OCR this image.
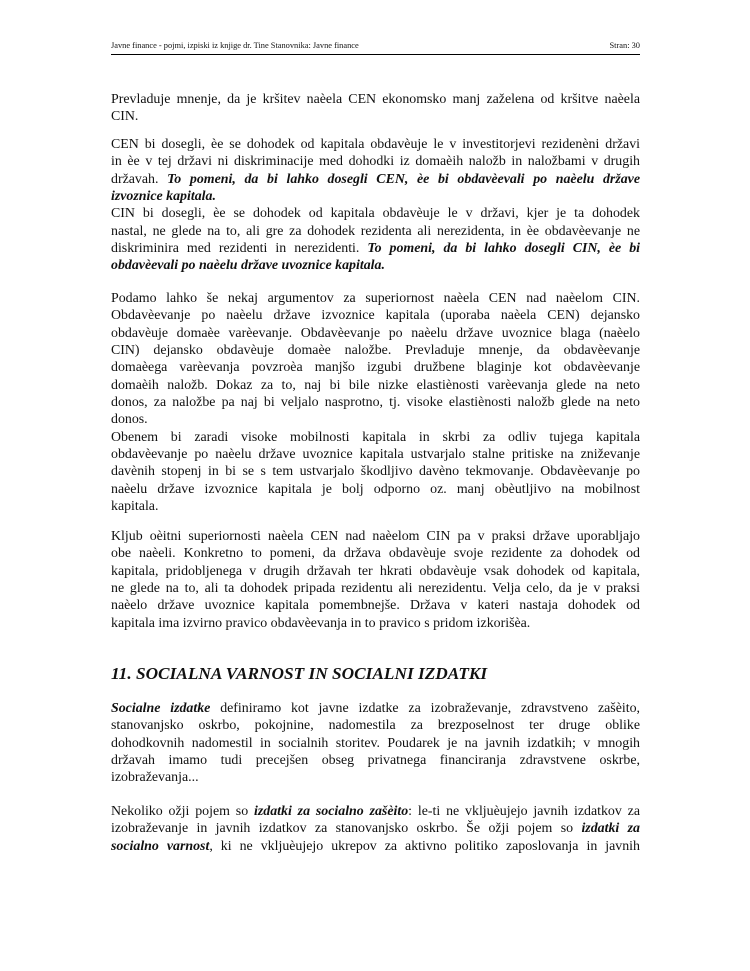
Javne finance - pojmi, izpiski iz knjige dr. Tine Stanovnika: Javne finance	Stran: 30
11. SOCIALNA VARNOST IN SOCIALNI IZDATKI
Prevladuje mnenje, da je kršitev naèela CEN ekonomsko manj zaželena od kršitve naèela
CIN.
CEN bi dosegli, èe se dohodek od kapitala obdavèuje le v investitorjevi rezidenèni državi
in èe v tej državi ni diskriminacije med dohodki iz domaèih naložb in naložbami v drugih
državah. To pomeni, da bi lahko dosegli CEN, èe bi obdavèevali po naèelu države
izvoznice kapitala.
CIN bi dosegli, èe se dohodek od kapitala obdavèuje le v državi, kjer je ta dohodek
nastal, ne glede na to, ali gre za dohodek rezidenta ali nerezidenta, in èe obdavèevanje ne
diskriminira med rezidenti in nerezidenti. To pomeni, da bi lahko dosegli CIN, èe bi
obdavèevali po naèelu države uvoznice kapitala.
Podamo lahko še nekaj argumentov za superiornost naèela CEN nad naèelom CIN.
Obdavèevanje po naèelu države izvoznice kapitala (uporaba naèela CEN) dejansko
obdavèuje domaèe varèevanje. Obdavèevanje po naèelu države uvoznice blaga (naèelo
CIN) dejansko obdavèuje domaèe naložbe. Prevladuje mnenje, da obdavèevanje
domaèega varèevanja povzroèa manjšo izgubi družbene blaginje kot obdavèevanje
domaèih naložb. Dokaz za to, naj bi bile nizke elastiènosti varèevanja glede na neto
donos, za naložbe pa naj bi veljalo nasprotno, tj. visoke elastiènosti naložb glede na neto
donos.
Obenem bi zaradi visoke mobilnosti kapitala in skrbi za odliv tujega kapitala
obdavèevanje po naèelu države uvoznice kapitala ustvarjalo stalne pritiske na zniževanje
davènih stopenj in bi se s tem ustvarjalo škodljivo davèno tekmovanje. Obdavèevanje po
naèelu države izvoznice kapitala je bolj odporno oz. manj obèutljivo na mobilnost
kapitala.
Kljub oèitni superiornosti naèela CEN nad naèelom CIN pa v praksi države uporabljajo
obe naèeli. Konkretno to pomeni, da država obdavèuje svoje rezidente za dohodek od
kapitala, pridobljenega v drugih državah ter hkrati obdavèuje vsak dohodek od kapitala,
ne glede na to, ali ta dohodek pripada rezidentu ali nerezidentu. Velja celo, da je v praksi
naèelo države uvoznice kapitala pomembnejše. Država v kateri nastaja dohodek od
kapitala ima izvirno pravico obdavèevanja in to pravico s pridom izkorišèa.
Socialne izdatke definiramo kot javne izdatke za izobraževanje, zdravstveno zašèito,
stanovanjsko oskrbo, pokojnine, nadomestila za brezposelnost ter druge oblike
dohodkovnih nadomestil in socialnih storitev. Poudarek je na javnih izdatkih; v mnogih
državah imamo tudi precejšen obseg privatnega financiranja zdravstvene oskrbe,
izobraževanja...
Nekoliko ožji pojem so izdatki za socialno zašèito: le-ti ne vkljuèujejo javnih izdatkov za
izobraževanje in javnih izdatkov za stanovanjsko oskrbo. Še ožji pojem so izdatki za
socialno varnost, ki ne vkljuèujejo ukrepov za aktivno politiko zaposlovanja in javnih
